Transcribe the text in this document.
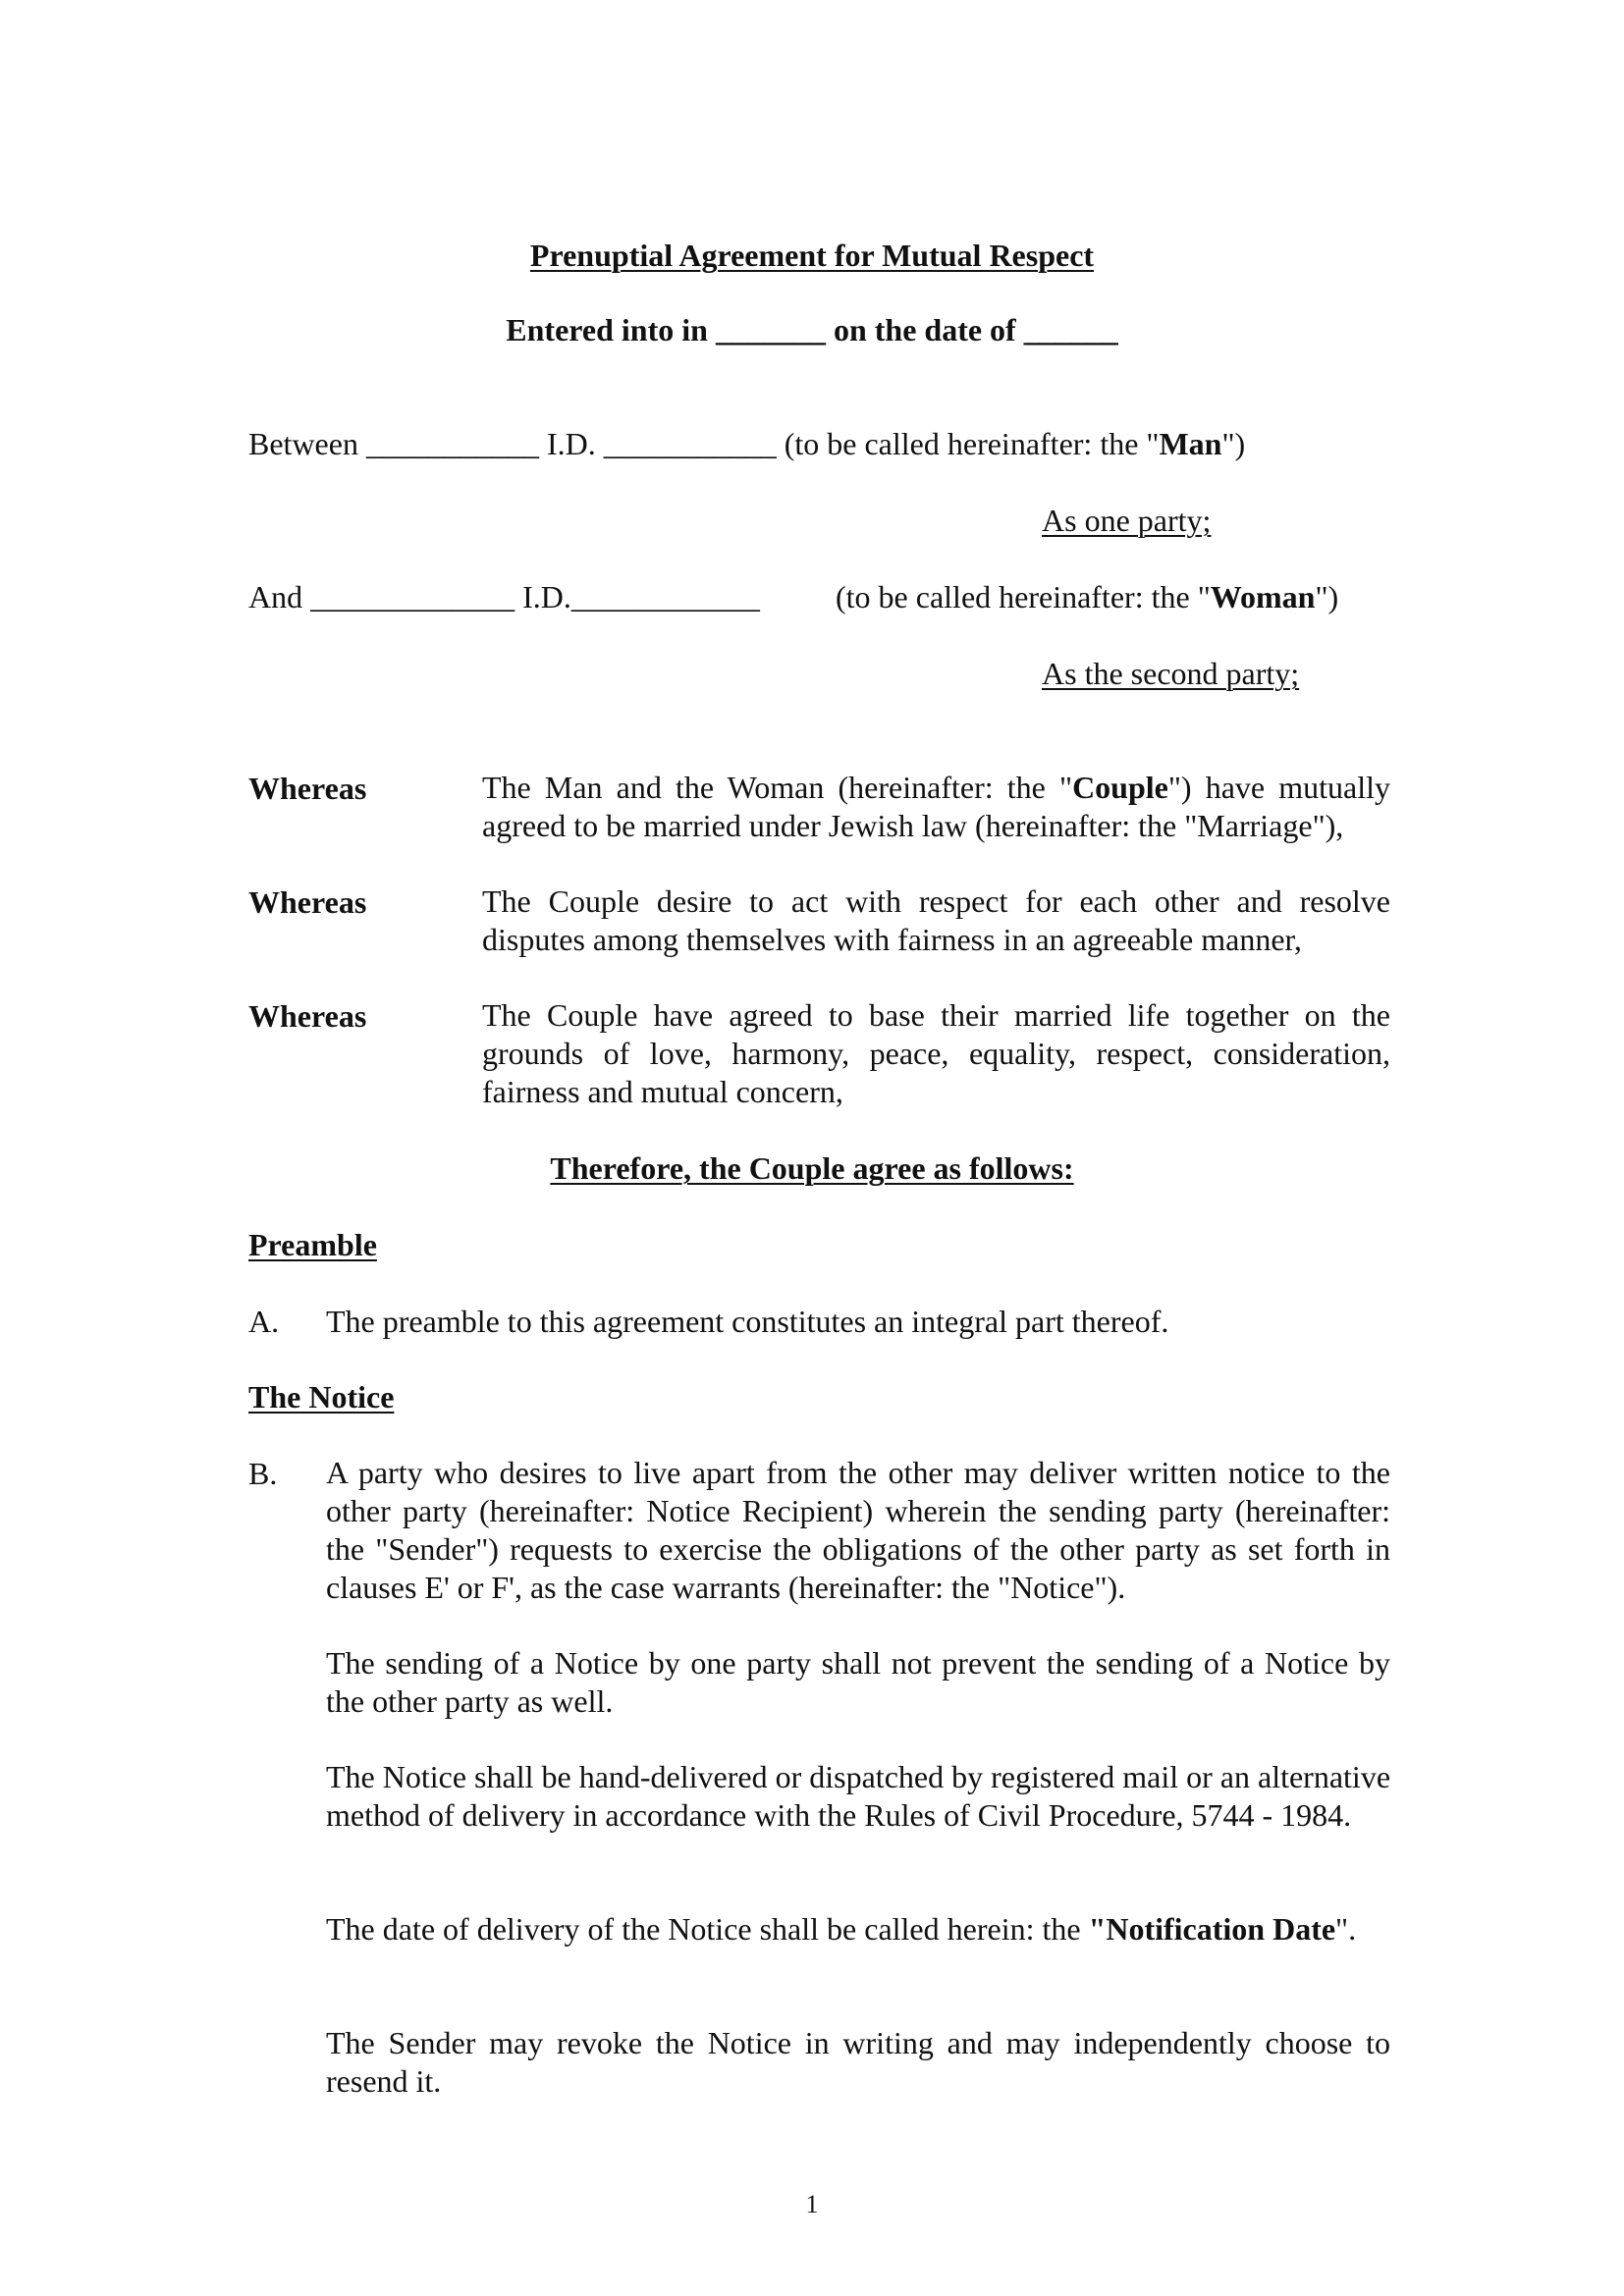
Prenuptial Agreement for Mutual Respect
Entered into in _______ on the date of ______
Between ___________ I.D. ___________ (to be called hereinafter: the "Man")
As one party;
And _____________ I.D.____________ (to be called hereinafter: the "Woman")
As the second party;
Whereas	The Man and the Woman (hereinafter: the "Couple") have mutually agreed to be married under Jewish law (hereinafter: the "Marriage"),
Whereas	The Couple desire to act with respect for each other and resolve disputes among themselves with fairness in an agreeable manner,
Whereas	The Couple have agreed to base their married life together on the grounds of love, harmony, peace, equality, respect, consideration, fairness and mutual concern,
Therefore, the Couple agree as follows:
Preamble
A. The preamble to this agreement constitutes an integral part thereof.
The Notice
B. A party who desires to live apart from the other may deliver written notice to the other party (hereinafter: Notice Recipient) wherein the sending party (hereinafter: the "Sender") requests to exercise the obligations of the other party as set forth in clauses E' or F', as the case warrants (hereinafter: the "Notice").
The sending of a Notice by one party shall not prevent the sending of a Notice by the other party as well.
The Notice shall be hand-delivered or dispatched by registered mail or an alternative method of delivery in accordance with the Rules of Civil Procedure, 5744 - 1984.
The date of delivery of the Notice shall be called herein: the "Notification Date".
The Sender may revoke the Notice in writing and may independently choose to resend it.
1
